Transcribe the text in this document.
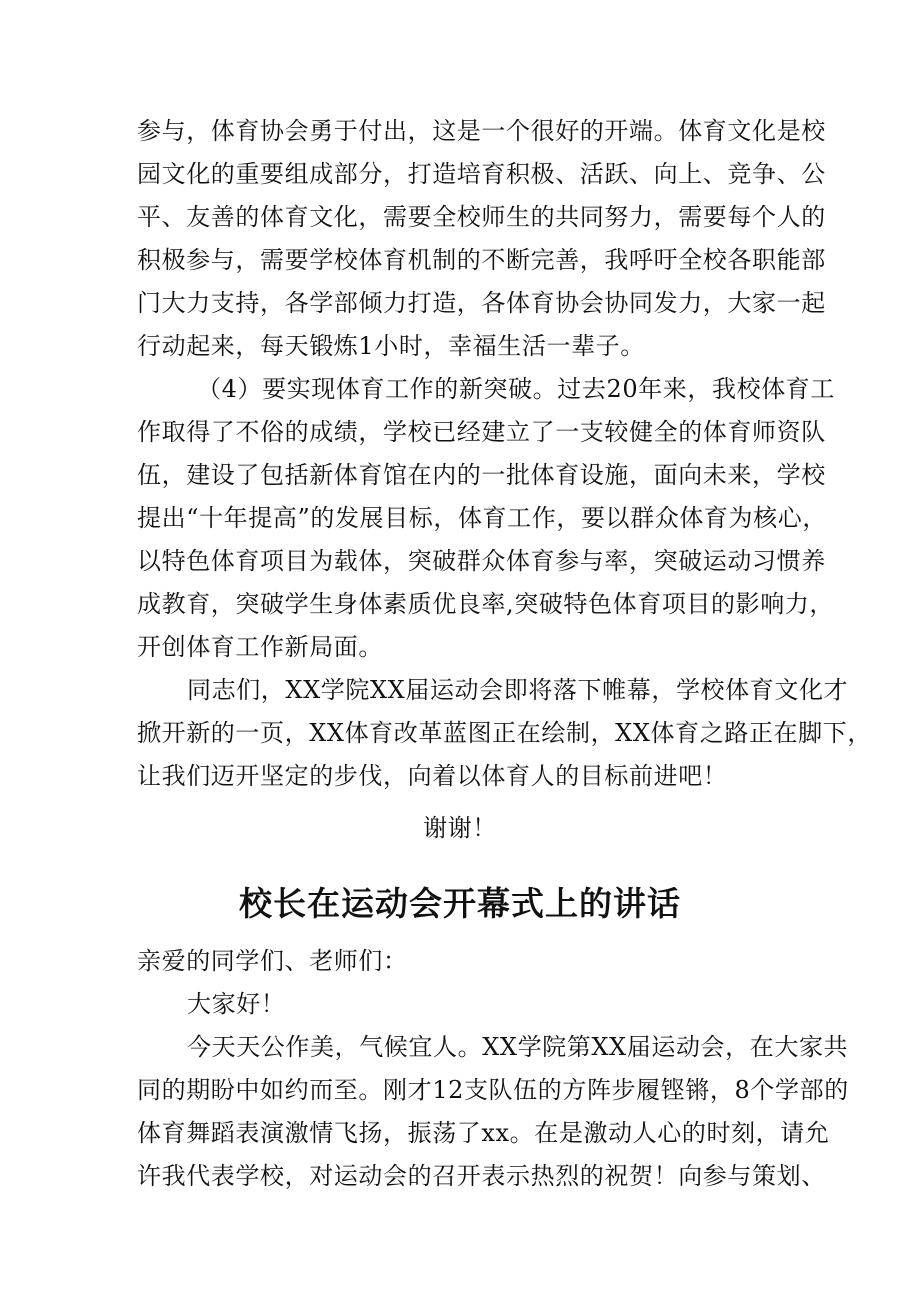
参与，体育协会勇于付出，这是一个很好的开端。体育文化是校
园文化的重要组成部分，打造培育积极、活跃、向上、竞争、公
平、友善的体育文化，需要全校师生的共同努力，需要每个人的
积极参与，需要学校体育机制的不断完善，我呼吁全校各职能部
门大力支持，各学部倾力打造，各体育协会协同发力，大家一起
行动起来，每天锻炼1小时，幸福生活一辈子。
（4）要实现体育工作的新突破。过去20年来，我校体育工
作取得了不俗的成绩，学校已经建立了一支较健全的体育师资队
伍，建设了包括新体育馆在内的一批体育设施，面向未来，学校
提出“十年提高”的发展目标，体育工作，要以群众体育为核心，
以特色体育项目为载体，突破群众体育参与率，突破运动习惯养
成教育，突破学生身体素质优良率,突破特色体育项目的影响力，
开创体育工作新局面。
同志们，XX学院XX届运动会即将落下帷幕，学校体育文化才
掀开新的一页，XX体育改革蓝图正在绘制，XX体育之路正在脚下，
让我们迈开坚定的步伐，向着以体育人的目标前进吧！
谢谢！
校长在运动会开幕式上的讲话
亲爱的同学们、老师们：
大家好！
今天天公作美，气候宜人。XX学院第XX届运动会，在大家共
同的期盼中如约而至。刚才12支队伍的方阵步履铿锵，8个学部的
体育舞蹈表演激情飞扬，振荡了xx。在是激动人心的时刻，请允
许我代表学校，对运动会的召开表示热烈的祝贺！向参与策划、
